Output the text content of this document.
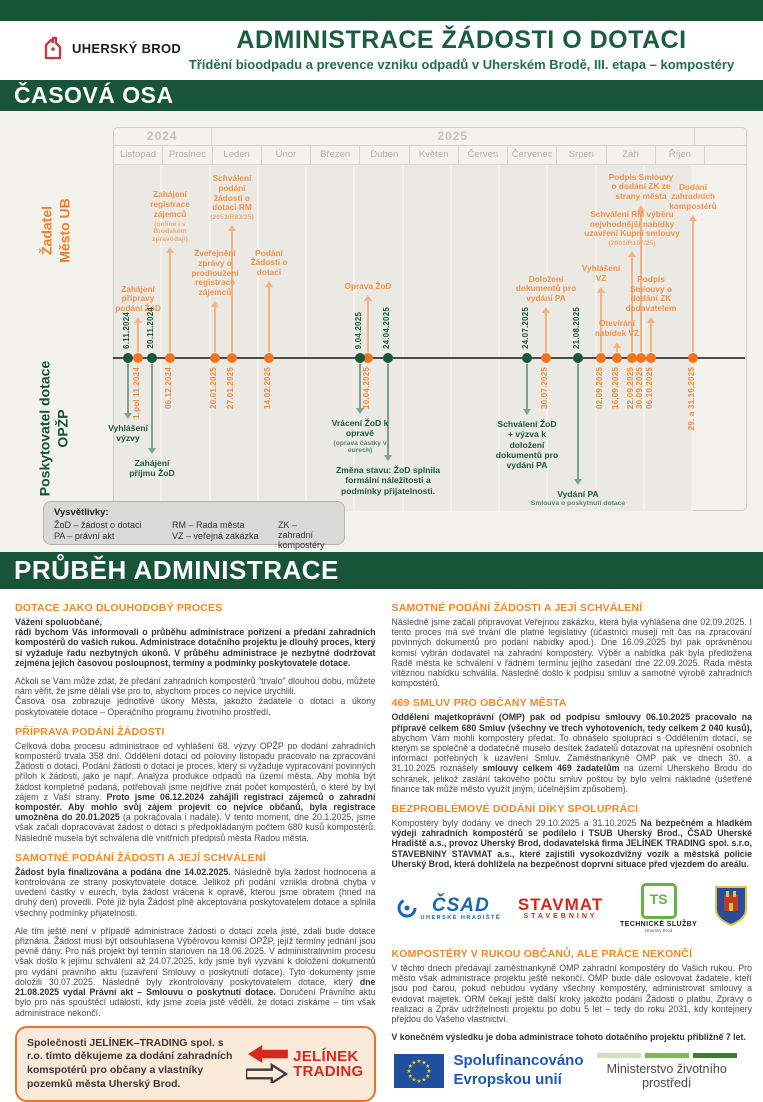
UHERSKÝ BROD	ADMINISTRACE ŽÁDOSTI O DOTACI
Třídění bioodpadu a prevence vzniku odpadů v Uherském Brodě, III. etapa – kompostéry
ČASOVÁ OSA
2024	2025
Listopad	Prosinec	Leden	Únor	Březen	Duben	Květen	Červen	Červenec	Srpen	Září	Říjen
Žadatel Město UB
Poskytovatel dotace OPŽP
1.pol 11.2024
Zahájení přípravy podání ŽoD
06.12.2024
Zahájení registrace zájemců
(online i v Brodském zpravodaji)
20.01.2025
Zveřejnění zprávy o prodloužení registrace zájemců
27.01.2025
Schválení podání žádosti o dotaci RM
(2053/R83/25)
14.02.2025
Podání Žádosti o dotaci
10.04.2025
Oprava ŽoD
30.07.2025
Doložení dokumentů pro vydání PA
02.09.2025
Vyhlášení VZ
16.09.2025
Otevírání nabídek VZ
22.09.2025
Schválení RM výběru nejvhodnější nabídky uzavření Kupní smlouvy
(2601/R107/25)
30.09.2025
Podpis Smlouvy o dodání ZK ze strany města
06.10.2025
Podpis Smlouvy o dodání ZK dodavatelem
29. a 31.10.2025
Dodání zahradních kompostérů
6.11.2024
Vyhlášení výzvy
20.11.2024
Zahájení příjmu ŽoD
9.04.2025
Vrácení ŽoD k opravě
(oprava částky v eurech)
24.04.2025
Změna stavu: ŽoD splnila formální náležitosti a podmínky přijatelnosti.
24.07.2025
Schválení ŽoD + výzva k doložení dokumentů pro vydání PA
21.08.2025
Vydání PA
Smlouva o poskytnutí dotace
Vysvětlivky:
ŽoD – žádost o dotaci	RM – Rada města	ZK – zahradní kompostéry
PA – právní akt	VZ – veřejná zakázka
PRŮBĚH ADMINISTRACE
DOTACE JAKO DLOUHODOBÝ PROCES

Vážení spoluobčané,
rádi bychom Vás informovali o průběhu administrace pořízení a předání zahradních kompostérů do vašich rukou. Administrace dotačního projektu je dlouhý proces, který si vyžaduje řadu nezbytných úkonů. V průběhu administrace je nezbytné dodržovat zejména jejich časovou posloupnost, termíny a podmínky poskytovatele dotace.

Ačkoli se Vám může zdát, že předání zahradních kompostérů “trvalo” dlouhou dobu, můžete nám věřit, že jsme dělali vše pro to, abychom proces co nejvíce urychlili.
Časová osa zobrazuje jednotlivé úkony Města, jakožto žadatele o dotaci a úkony poskytovatele dotace – Operačního programu životního prostředí.

PŘÍPRAVA PODÁNÍ ŽÁDOSTI

Celková doba procesu administrace od vyhlášení 68. výzvy OPŽP po dodání zahradních kompostérů trvala 358 dní. Oddělení dotací od poloviny listopadu pracovalo na zpracování Žádosti o dotaci. Podání žádosti o dotaci je proces, který si vyžaduje vypracování povinných příloh k žádosti, jako je např. Analýza produkce odpadů na území města. Aby mohla být žádost kompletně podaná, potřebovali jsme nejdříve znát počet kompostérů, o které by byl zájem z Vaší strany. Proto jsme 06.12.2024 zahájili registraci zájemců o zahradní kompostér. Aby mohlo svůj zájem projevit co nejvíce občanů, byla registrace umožněna do 20.01.2025 (a pokračovala i nadále). V tento moment, dne 20.1.2025, jsme však začali dopracovávat žádost o dotaci s předpokládaným počtem 680 kusů kompostérů. Následně musela být schválena dle vnitřních předpisů města Radou města.

SAMOTNÉ PODÁNÍ ŽÁDOSTI A JEJÍ SCHVÁLENÍ

Žádost byla finalizována a podána dne 14.02.2025. Následně byla žádost hodnocena a kontrolována ze strany poskytovatele dotace. Jelikož při podání vznikla drobná chyba v uvedení částky v eurech, byla žádost vrácena k opravě, kterou jsme obratem (hned na druhý den) provedli. Poté již byla Žádost plně akceptována poskytovatelem dotace a splnila všechny podmínky přijatelnosti.

Ale tím ještě není v případě administrace žádosti o dotaci zcela jisté, zdali bude dotace přiznána. Žádost musí být odsouhlasena Výběrovou komisí OPŽP, jejíž termíny jednání jsou pevně dány. Pro náš projekt byl termín stanoven na 18.06.2025. V administrativním procesu však došlo k jejímu schválení až 24.07.2025, kdy jsme byli vyzváni k doložení dokumentů pro vydání právního aktu (uzavření Smlouvy o poskytnutí dotace). Tyto dokumenty jsme doložili 30.07.2025. Následně byly zkontrolovány poskytovatelem dotace, který dne 21.08.2025 vydal Právní akt – Smlouvu o poskytnutí dotace. Doručení Právního aktu bylo pro nás spouštěcí událostí, kdy jsme zcela jistě věděli, že dotaci získáme – tím však administrace nekončí.

Společnosti JELÍNEK–TRADING spol. s r.o. tímto děkujeme za dodání zahradních komspotérů pro občany a vlastníky pozemků města Uherský Brod.
JELÍNEK
TRADING
SAMOTNÉ PODÁNÍ ŽÁDOSTI A JEJÍ SCHVÁLENÍ

Následně jsme začali připravovat Veřejnou zakázku, která byla vyhlášena dne 02.09.2025. I tento proces má své trvání dle platné legislativy (účastníci musejí mít čas na zpracování povinných dokumentů pro podání nabídky apod.). Dne 16.09.2025 byl pak oprávněnou komisí vybrán dodavatel na zahradní kompostéry. Výběr a nabídka pak byla předložena Radě města ke schválení v řádném termínu jejího zasedání dne 22.09.2025. Rada města vítěznou nabídku schválila. Následně došlo k podpisu smluv a samotné výrobě zahradních kompostérů.

469 SMLUV PRO OBČANY MĚSTA

Oddělení majetkoprávní (OMP) pak od podpisu smlouvy 06.10.2025 pracovalo na přípravě celkem 680 Smluv (všechny ve třech vyhotoveních, tedy celkem 2 040 kusů), abychom Vám mohli kompostéry předat. To obnášelo spolupráci s Oddělením dotací, se kterým se společně a dodatečně muselo desítek žadatelů dotazovat na upřesnění osobních informací potřebných k uzavření Smluv. Zaměstnankyně OMP pak ve dnech 30. a 31.10.2025 roznášely smlouvy celkem 469 žadatelům na území Uherského Brodu do schránek, jelikož zaslání takového počtu smluv poštou by bylo velmi nákladné (ušetřené finance tak může město využít jiným, účelnějším způsobem).

BEZPROBLÉMOVÉ DODÁNÍ DÍKY SPOLUPRÁCI

Kompostéry byly dodány ve dnech 29.10.2025 a 31.10.2025 Na bezpečném a hladkém výdeji zahradních kompostérů se podílelo i TSUB Uherský Brod., ČSAD Uherské Hradiště a.s., provoz Uherský Brod, dodavatelská firma JELÍNEK TRADING spol. s.r.o, STAVEBNINY STAVMAT a.s., které zajistili vysokozdvižný vozík a městská policie Uherský Brod, která dohlížela na bezpečnost doprvní situace před vjezdem do areálu.

ČSAD
UHERSKÉ HRADIŠTĚ
STAVMAT
STAVEBNINY
TS
TECHNICKÉ SLUŽBY
Uherský Brod
KOMPOSTÉRY V RUKOU OBČANŮ, ALE PRÁCE NEKONČÍ

V těchto dnech předávají zaměstnankyně OMP zahradní kompostéry do Vašich rukou. Pro město však administrace projektu ještě nekončí. OMP bude dále oslovovat žadatele, kteří jsou pod čarou, pokud nebudou vydány všechny kompostéry, administrovat smlouvy a evidovat majetek. ORM čekají ještě další kroky jakožto podání Žádosti o platbu, Zprávy o realizaci a Zpráv udržitelnosti projektu po dobu 5 let – tedy do roku 2031, kdy kontejnery přejdou do Vašeho vlastnictví.

V konečném výsledku je doba administrace tohoto dotačního projektu přibližně 7 let.

★ ★
★
★
★
★
★
★
★
★
★
★ Spolufinancováno
Evropskou unií
Ministerstvo životního prostředí
